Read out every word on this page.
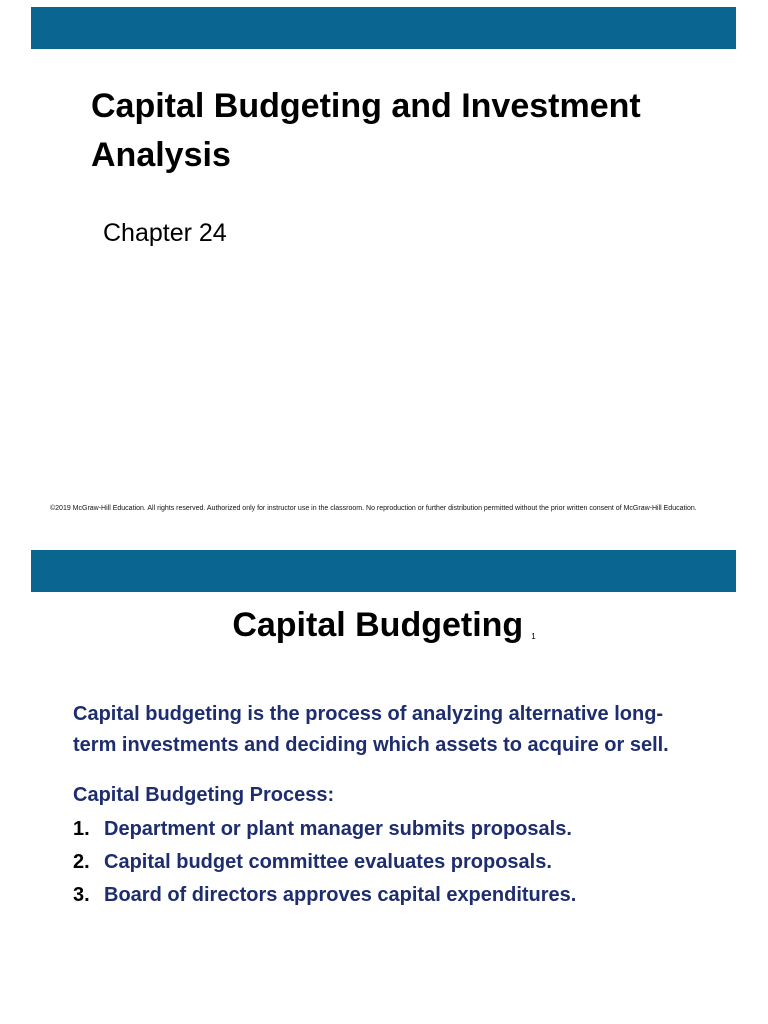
Capital Budgeting and Investment Analysis
Chapter 24
©2019 McGraw-Hill Education. All rights reserved. Authorized only for instructor use in the classroom. No reproduction or further distribution permitted without the prior written consent of McGraw-Hill Education.
Capital Budgeting 1

Capital budgeting is the process of analyzing alternative long-term investments and deciding which assets to acquire or sell.

Capital Budgeting Process:
1. Department or plant manager submits proposals.
2. Capital budget committee evaluates proposals.
3. Board of directors approves capital expenditures.
